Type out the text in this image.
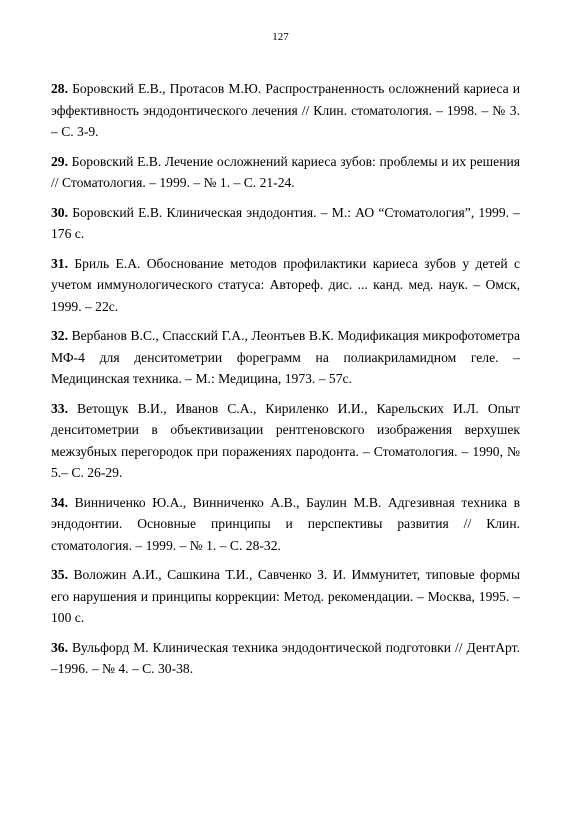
127
28. Боровский Е.В., Протасов М.Ю. Распространенность осложнений кариеса и эффективность эндодонтического лечения // Клин. стоматология. – 1998. – № 3. – С. 3-9.
29. Боровский Е.В. Лечение осложнений кариеса зубов: проблемы и их решения // Стоматология. – 1999. – № 1. – С. 21-24.
30. Боровский Е.В. Клиническая эндодонтия. – М.: АО “Стоматология”, 1999. – 176 с.
31. Бриль Е.А. Обоснование методов профилактики кариеса зубов у детей с учетом иммунологического статуса: Автореф. дис. ... канд. мед. наук. – Омск, 1999. – 22с.
32. Вербанов В.С., Спасский Г.А., Леонтьев В.К. Модификация микрофотометра МФ-4 для денситометрии фореграмм на полиакриламидном геле. – Медицинская техника. – М.: Медицина, 1973. – 57с.
33. Ветощук В.И., Иванов С.А., Кириленко И.И., Карельских И.Л. Опыт денситометрии в объективизации рентгеновского изображения верхушек межзубных перегородок при поражениях пародонта. – Стоматология. – 1990, № 5.– С. 26-29.
34. Винниченко Ю.А., Винниченко А.В., Баулин М.В. Адгезивная техника в эндодонтии. Основные принципы и перспективы развития // Клин. стоматология. – 1999. – № 1. – С. 28-32.
35. Воложин А.И., Сашкина Т.И., Савченко З. И. Иммунитет, типовые формы его нарушения и принципы коррекции: Метод. рекомендации. – Москва, 1995. – 100 с.
36. Вульфорд М. Клиническая техника эндодонтической подготовки // ДентАрт. –1996. – № 4. – С. 30-38.
